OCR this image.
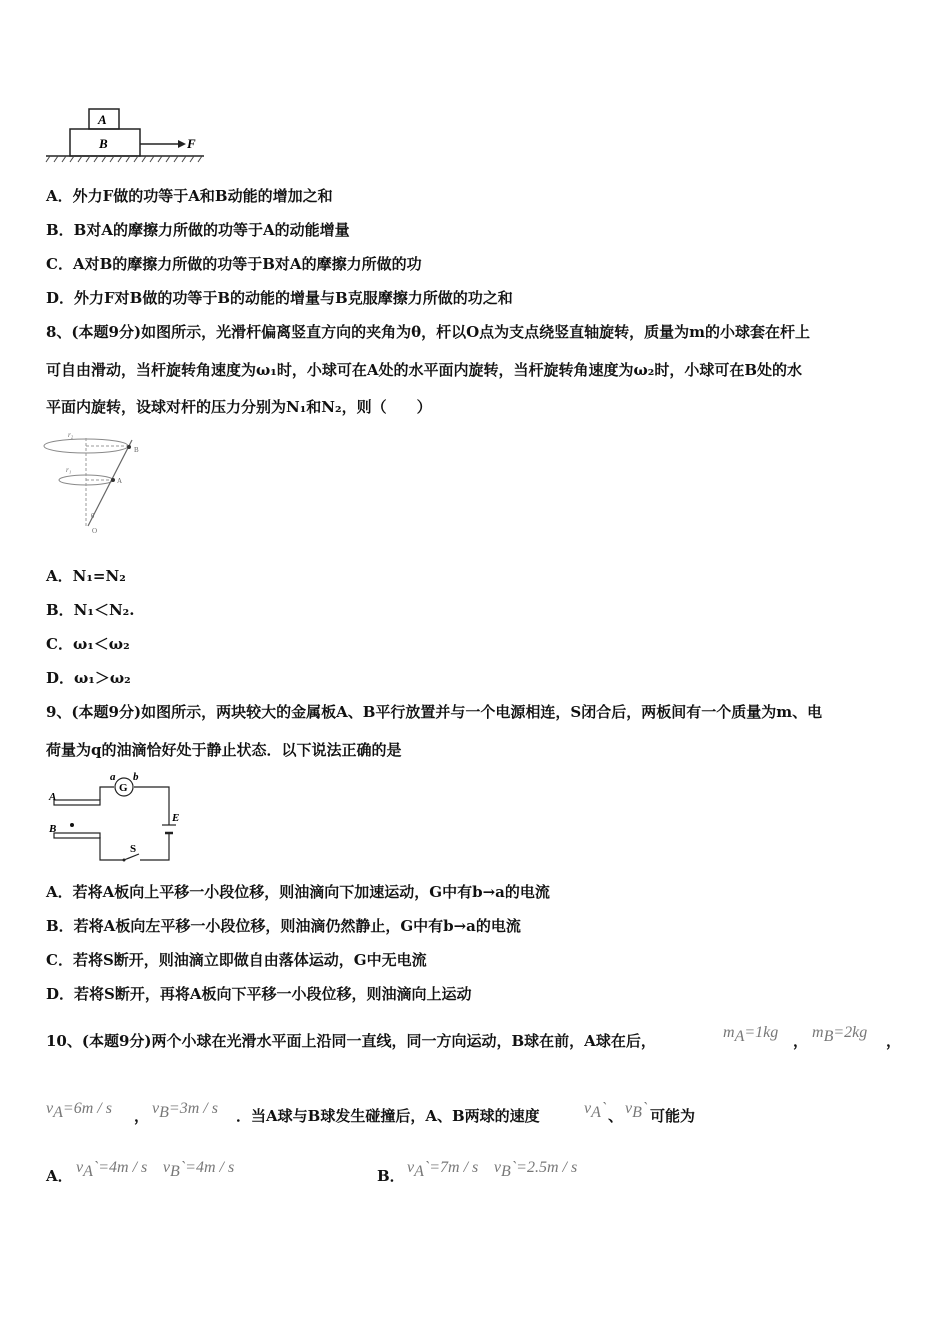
A
B	F
A．外力F做的功等于A和B动能的增加之和
B．B对A的摩擦力所做的功等于A的动能增量
C．A对B的摩擦力所做的功等于B对A的摩擦力所做的功
D．外力F对B做的功等于B的动能的增量与B克服摩擦力所做的功之和
8、(本题9分)如图所示，光滑杆偏离竖直方向的夹角为θ，杆以O点为支点绕竖直轴旋转，质量为m的小球套在杆上
可自由滑动，当杆旋转角速度为ω₁时，小球可在A处的水平面内旋转，当杆旋转角速度为ω₂时，小球可在B处的水
平面内旋转，设球对杆的压力分别为N₁和N₂，则（　　）
r₂
r₁
B
A
θ
O
A．N₁=N₂
B．N₁＜N₂.
C．ω₁＜ω₂
D．ω₁＞ω₂
9、(本题9分)如图所示，两块较大的金属板A、B平行放置并与一个电源相连，S闭合后，两板间有一个质量为m、电
荷量为q的油滴恰好处于静止状态．以下说法正确的是
G
a b
A
B
E
S
A．若将A板向上平移一小段位移，则油滴向下加速运动，G中有b→a的电流
B．若将A板向左平移一小段位移，则油滴仍然静止，G中有b→a的电流
C．若将S断开，则油滴立即做自由落体运动，G中无电流
D．若将S断开，再将A板向下平移一小段位移，则油滴向上运动
10、(本题9分)两个小球在光滑水平面上沿同一直线，同一方向运动，B球在前，A球在后，	$m_A=1kg$ ， $m_B=2kg$ ，
$v_A=6m / s$ ， $v_B=3m / s$ ．当A球与B球发生碰撞后，A、B两球的速度	$v_A`$ 、 $v_B`$ 可能为
A． $v_A`=4m / s$ $v_B`=4m / s$	B． $v_A`=7m / s$ $v_B`=2.5m / s$
